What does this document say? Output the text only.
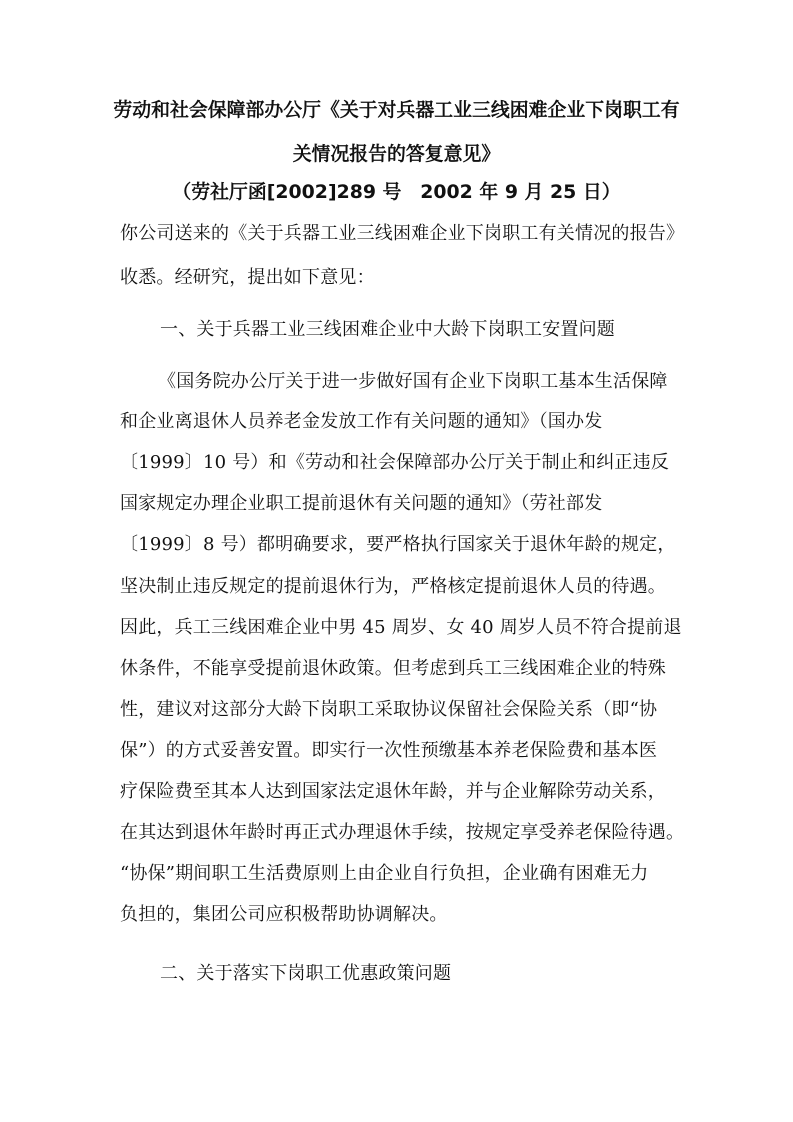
劳动和社会保障部办公厅《关于对兵器工业三线困难企业下岗职工有
关情况报告的答复意见》
（劳社厅函[2002]289 号　2002 年 9 月 25 日）
你公司送来的《关于兵器工业三线困难企业下岗职工有关情况的报告》
收悉。经研究，提出如下意见：
一、关于兵器工业三线困难企业中大龄下岗职工安置问题
《国务院办公厅关于进一步做好国有企业下岗职工基本生活保障
和企业离退休人员养老金发放工作有关问题的通知》（国办发
〔1999〕10 号）和《劳动和社会保障部办公厅关于制止和纠正违反
国家规定办理企业职工提前退休有关问题的通知》（劳社部发
〔1999〕8 号）都明确要求，要严格执行国家关于退休年龄的规定，
坚决制止违反规定的提前退休行为，严格核定提前退休人员的待遇。
因此，兵工三线困难企业中男 45 周岁、女 40 周岁人员不符合提前退
休条件，不能享受提前退休政策。但考虑到兵工三线困难企业的特殊
性，建议对这部分大龄下岗职工采取协议保留社会保险关系（即“协
保”）的方式妥善安置。即实行一次性预缴基本养老保险费和基本医
疗保险费至其本人达到国家法定退休年龄，并与企业解除劳动关系，
在其达到退休年龄时再正式办理退休手续，按规定享受养老保险待遇。
“协保”期间职工生活费原则上由企业自行负担，企业确有困难无力
负担的，集团公司应积极帮助协调解决。
二、关于落实下岗职工优惠政策问题
